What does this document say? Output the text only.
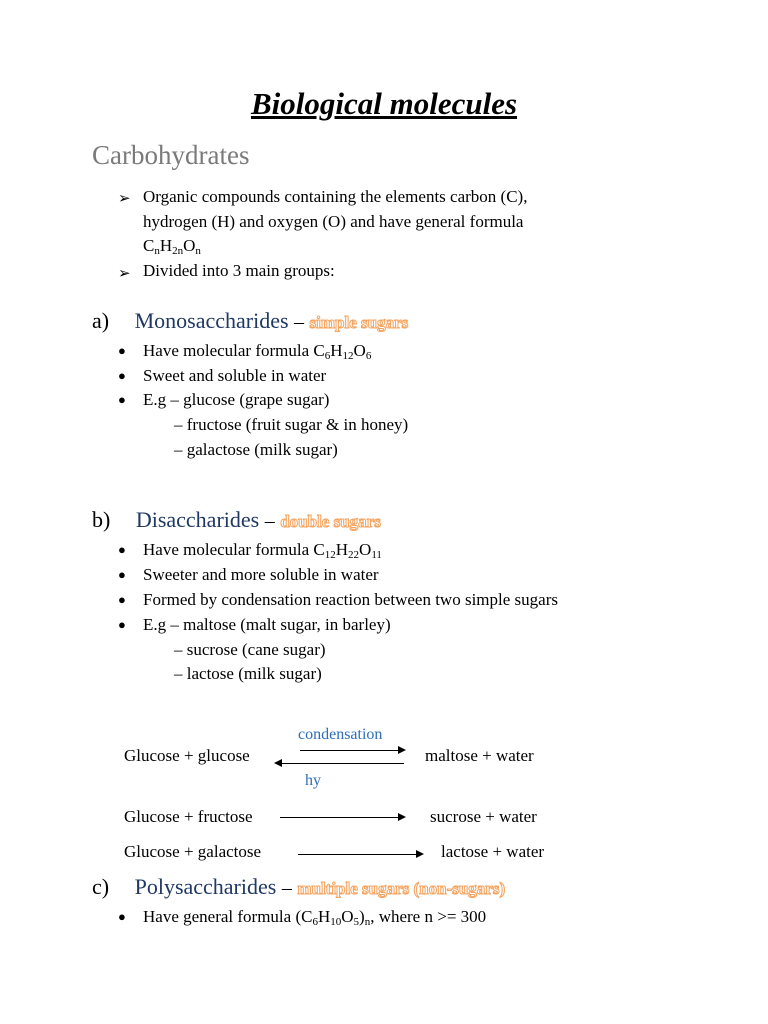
Biological molecules
Carbohydrates
➢ Organic compounds containing the elements carbon (C),
hydrogen (H) and oxygen (O) and have general formula
$C_nH_{2n}O_n$
➢ Divided into 3 main groups:
a) Monosaccharides – simple sugars
● Have molecular formula $C_6H_{12}O_6$
● Sweet and soluble in water
● E.g – glucose (grape sugar)
– fructose (fruit sugar & in honey)
– galactose (milk sugar)
b) Disaccharides – double sugars
● Have molecular formula $C_{12}H_{22}O_{11}$
● Sweeter and more soluble in water
● Formed by condensation reaction between two simple sugars
● E.g – maltose (malt sugar, in barley)
– sucrose (cane sugar)
– lactose (milk sugar)
condensation
Glucose + glucose	maltose + water
hy
Glucose + fructose	sucrose + water
Glucose + galactose	lactose + water
c) Polysaccharides – multiple sugars (non-sugars)
● Have general formula $(C_6H_{10}O_5)_n$, where n >= 300
